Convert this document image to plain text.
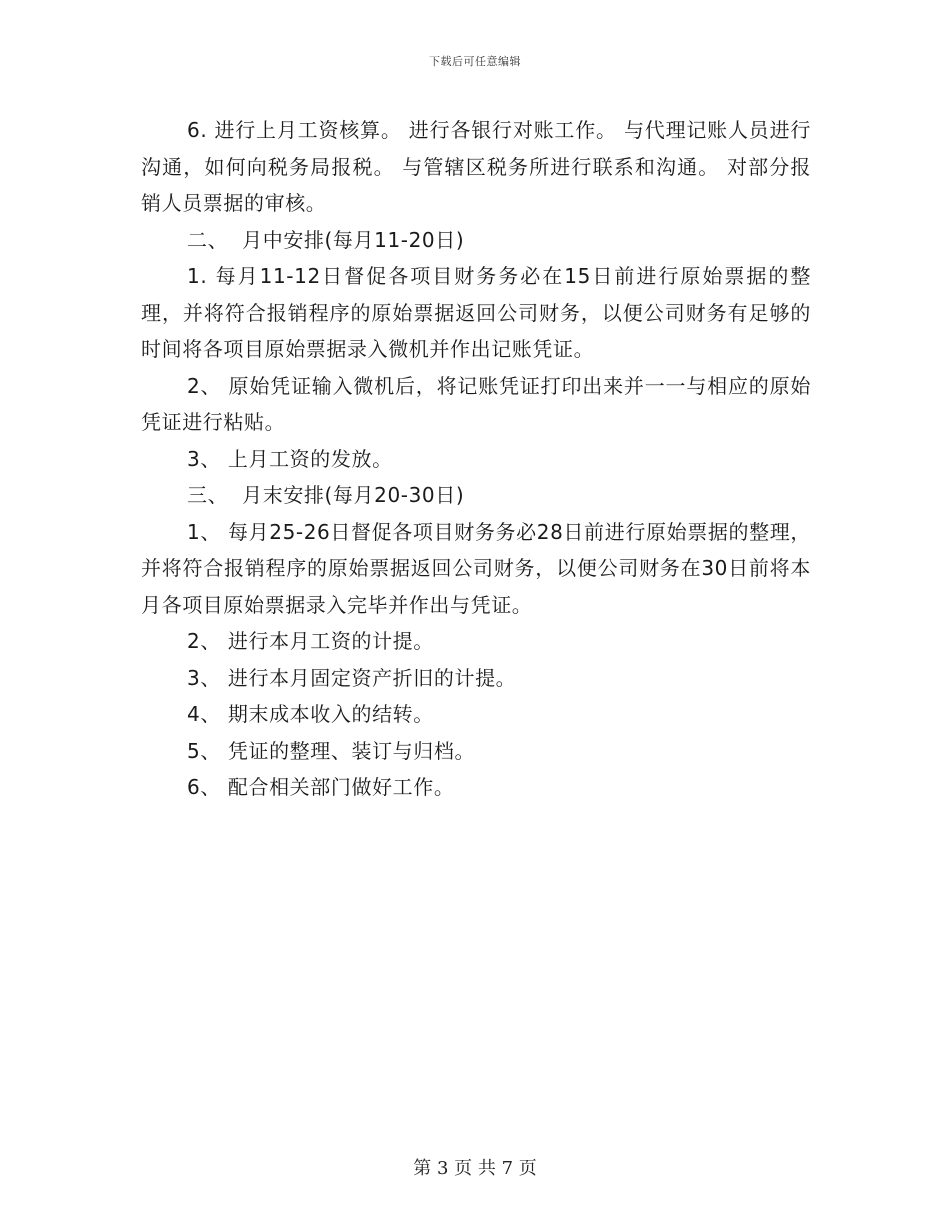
下载后可任意编辑

6. 进行上月工资核算。 进行各银行对账工作。 与代理记账人员进行沟通，如何向税务局报税。 与管辖区税务所进行联系和沟通。 对部分报销人员票据的审核。

二、  月中安排(每月11-20日)

1. 每月11-12日督促各项目财务务必在15日前进行原始票据的整理，并将符合报销程序的原始票据返回公司财务，以便公司财务有足够的时间将各项目原始票据录入微机并作出记账凭证。

2、 原始凭证输入微机后，将记账凭证打印出来并一一与相应的原始凭证进行粘贴。

3、 上月工资的发放。

三、  月末安排(每月20-30日)

1、 每月25-26日督促各项目财务务必28日前进行原始票据的整理，并将符合报销程序的原始票据返回公司财务，以便公司财务在30日前将本月各项目原始票据录入完毕并作出与凭证。

2、 进行本月工资的计提。

3、 进行本月固定资产折旧的计提。

4、 期末成本收入的结转。

5、 凭证的整理、装订与归档。

6、 配合相关部门做好工作。

第 3 页 共 7 页
